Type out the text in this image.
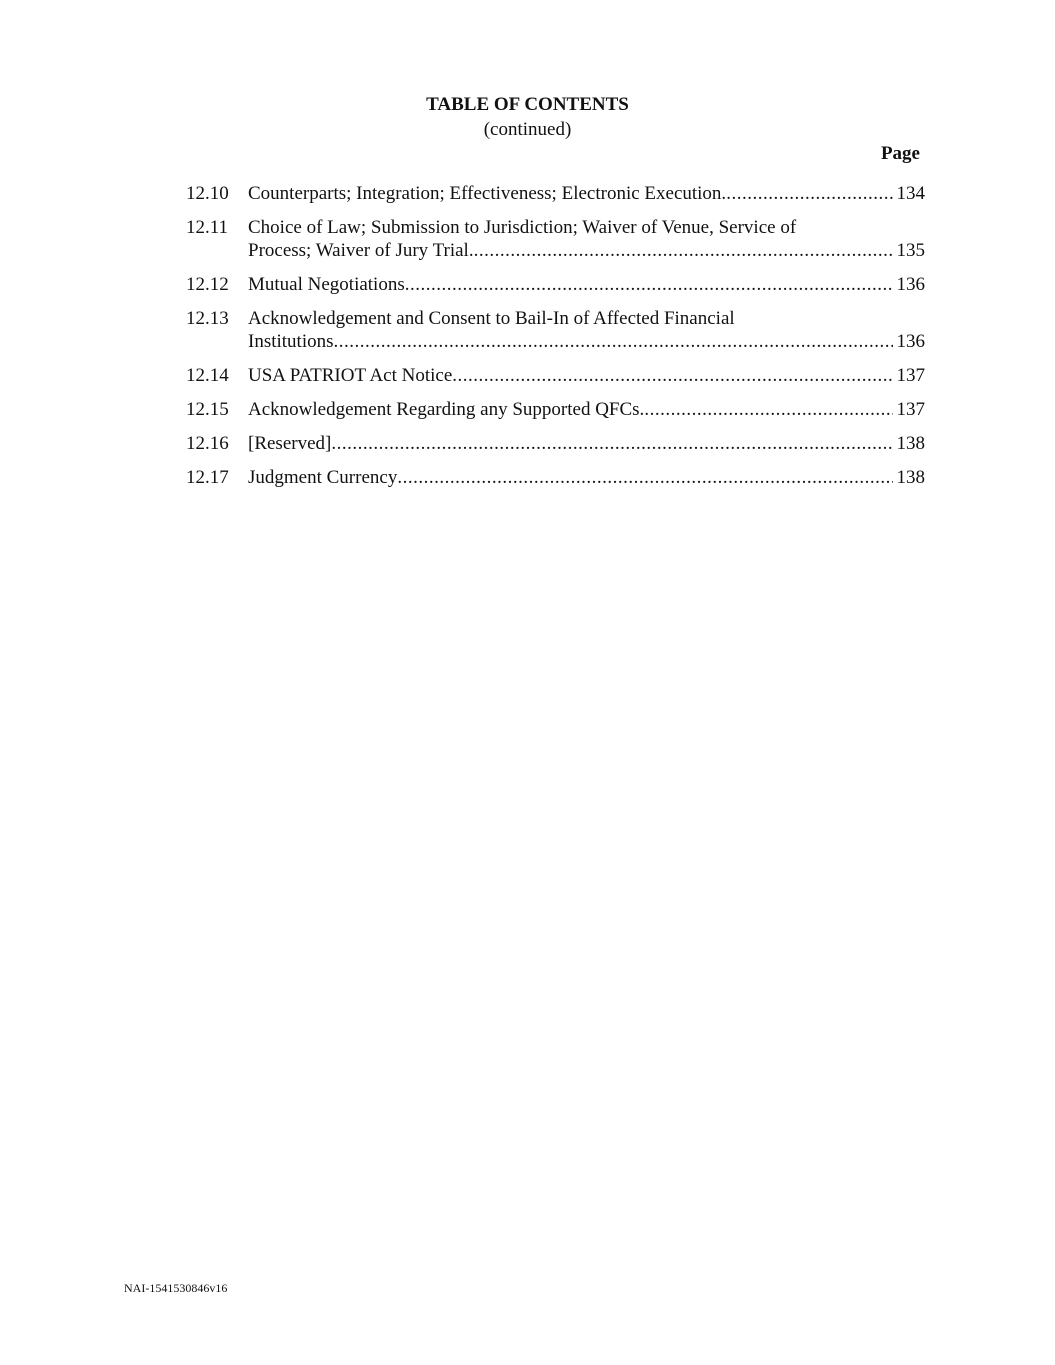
TABLE OF CONTENTS
(continued)
Page
12.10	Counterparts; Integration; Effectiveness; Electronic Execution. .....	134
12.11	Choice of Law; Submission to Jurisdiction; Waiver of Venue, Service of
Process; Waiver of Jury Trial. .....	135
12.12	Mutual Negotiations .....	136
12.13	Acknowledgement and Consent to Bail-In of Affected Financial
Institutions .....	136
12.14	USA PATRIOT Act Notice .....	137
12.15	Acknowledgement Regarding any Supported QFCs. .....	137
12.16	[Reserved] .....	138
12.17	Judgment Currency .....	138
NAI-1541530846v16
